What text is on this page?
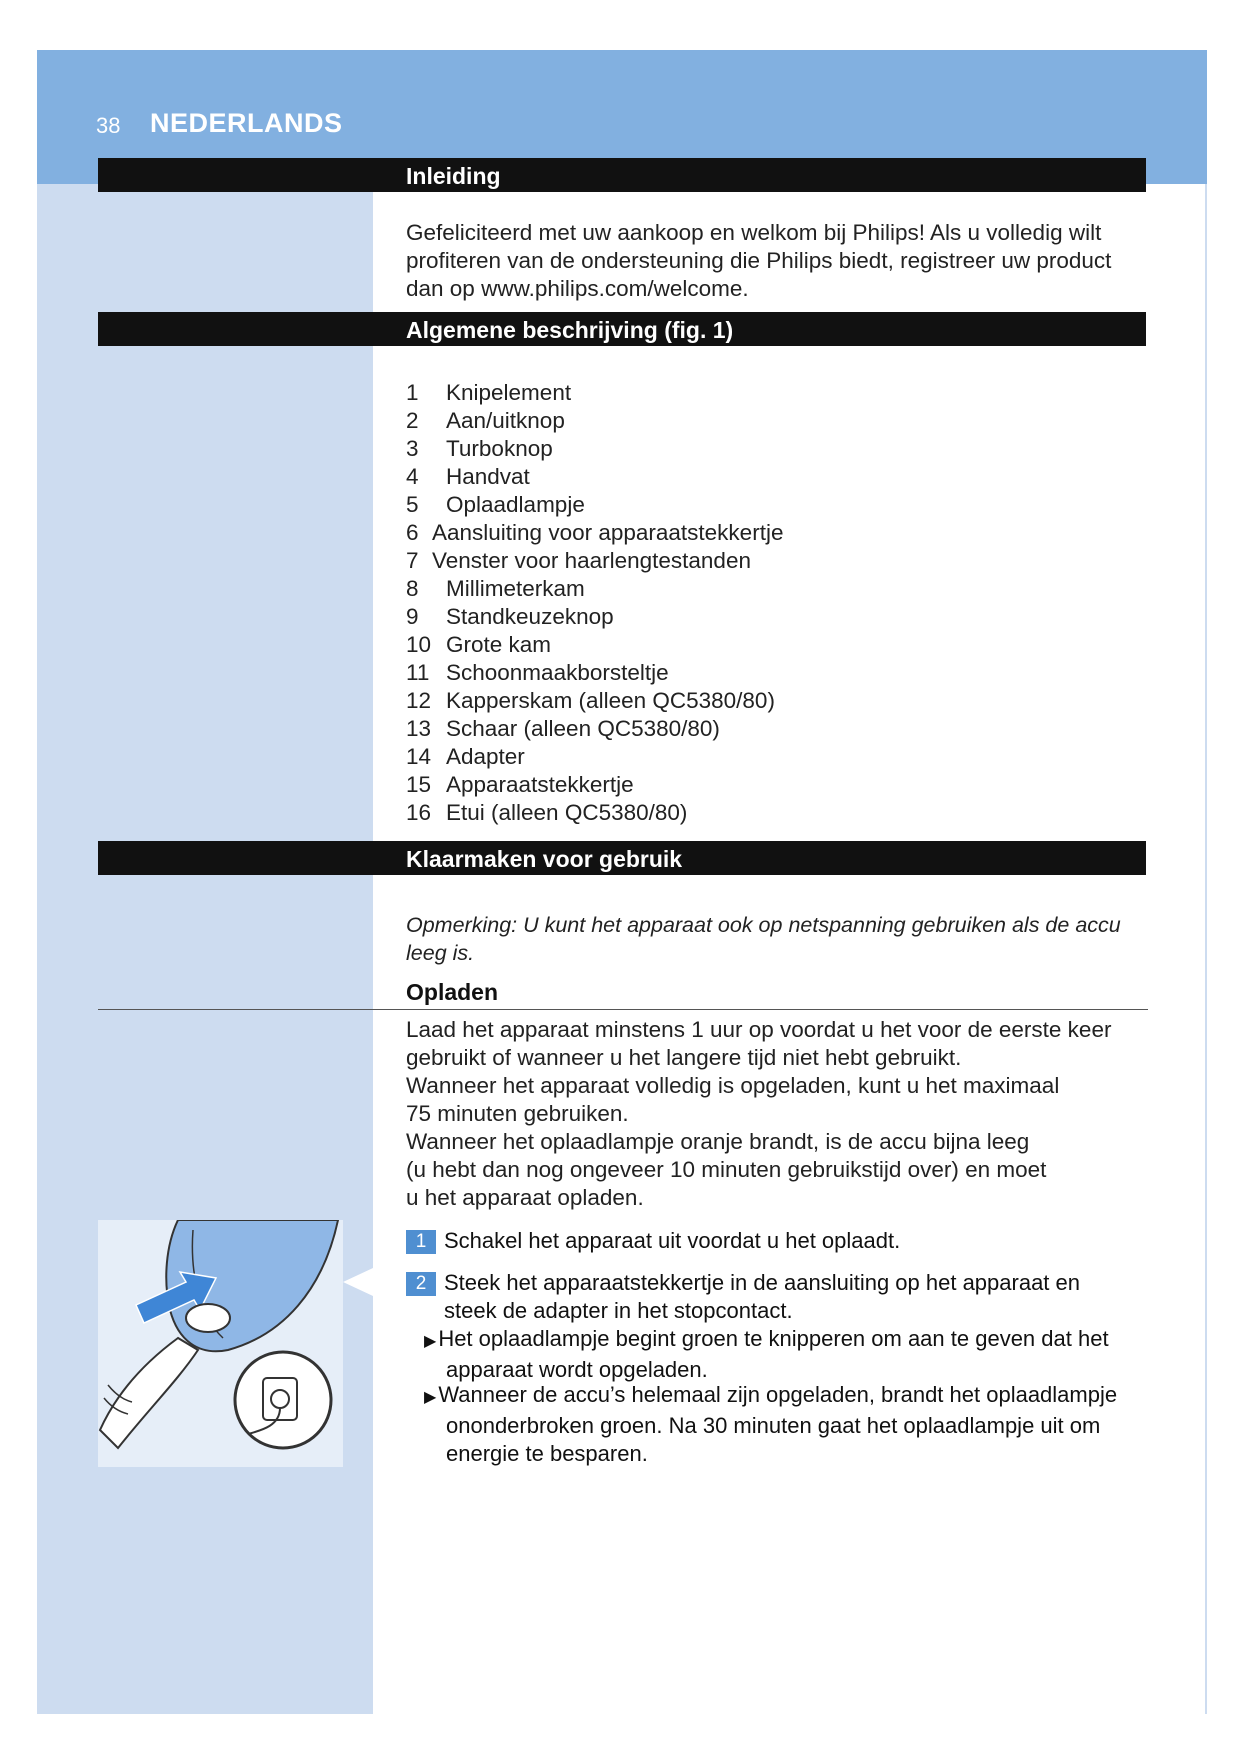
38 NEDERLANDS
Inleiding
Gefeliciteerd met uw aankoop en welkom bij Philips! Als u volledig wilt
profiteren van de ondersteuning die Philips biedt, registreer uw product
dan op www.philips.com/welcome.
Algemene beschrijving (fig. 1)
1 Knipelement
2 Aan/uitknop
3 Turboknop
4 Handvat
5 Oplaadlampje
6 Aansluiting voor apparaatstekkertje
7 Venster voor haarlengtestanden
8 Millimeterkam
9 Standkeuzeknop
10 Grote kam
11 Schoonmaakborsteltje
12 Kapperskam (alleen QC5380/80)
13 Schaar (alleen QC5380/80)
14 Adapter
15 Apparaatstekkertje
16 Etui (alleen QC5380/80)
Klaarmaken voor gebruik
Opmerking: U kunt het apparaat ook op netspanning gebruiken als de accu
leeg is.
Opladen
Laad het apparaat minstens 1 uur op voordat u het voor de eerste keer
gebruikt of wanneer u het langere tijd niet hebt gebruikt.
Wanneer het apparaat volledig is opgeladen, kunt u het maximaal
75 minuten gebruiken.
Wanneer het oplaadlampje oranje brandt, is de accu bijna leeg
(u hebt dan nog ongeveer 10 minuten gebruikstijd over) en moet
u het apparaat opladen.
1 Schakel het apparaat uit voordat u het oplaadt.
2 Steek het apparaatstekkertje in de aansluiting op het apparaat en
steek de adapter in het stopcontact.
▶Het oplaadlampje begint groen te knipperen om aan te geven dat het
apparaat wordt opgeladen.
▶Wanneer de accu’s helemaal zijn opgeladen, brandt het oplaadlampje
ononderbroken groen. Na 30 minuten gaat het oplaadlampje uit om
energie te besparen.
